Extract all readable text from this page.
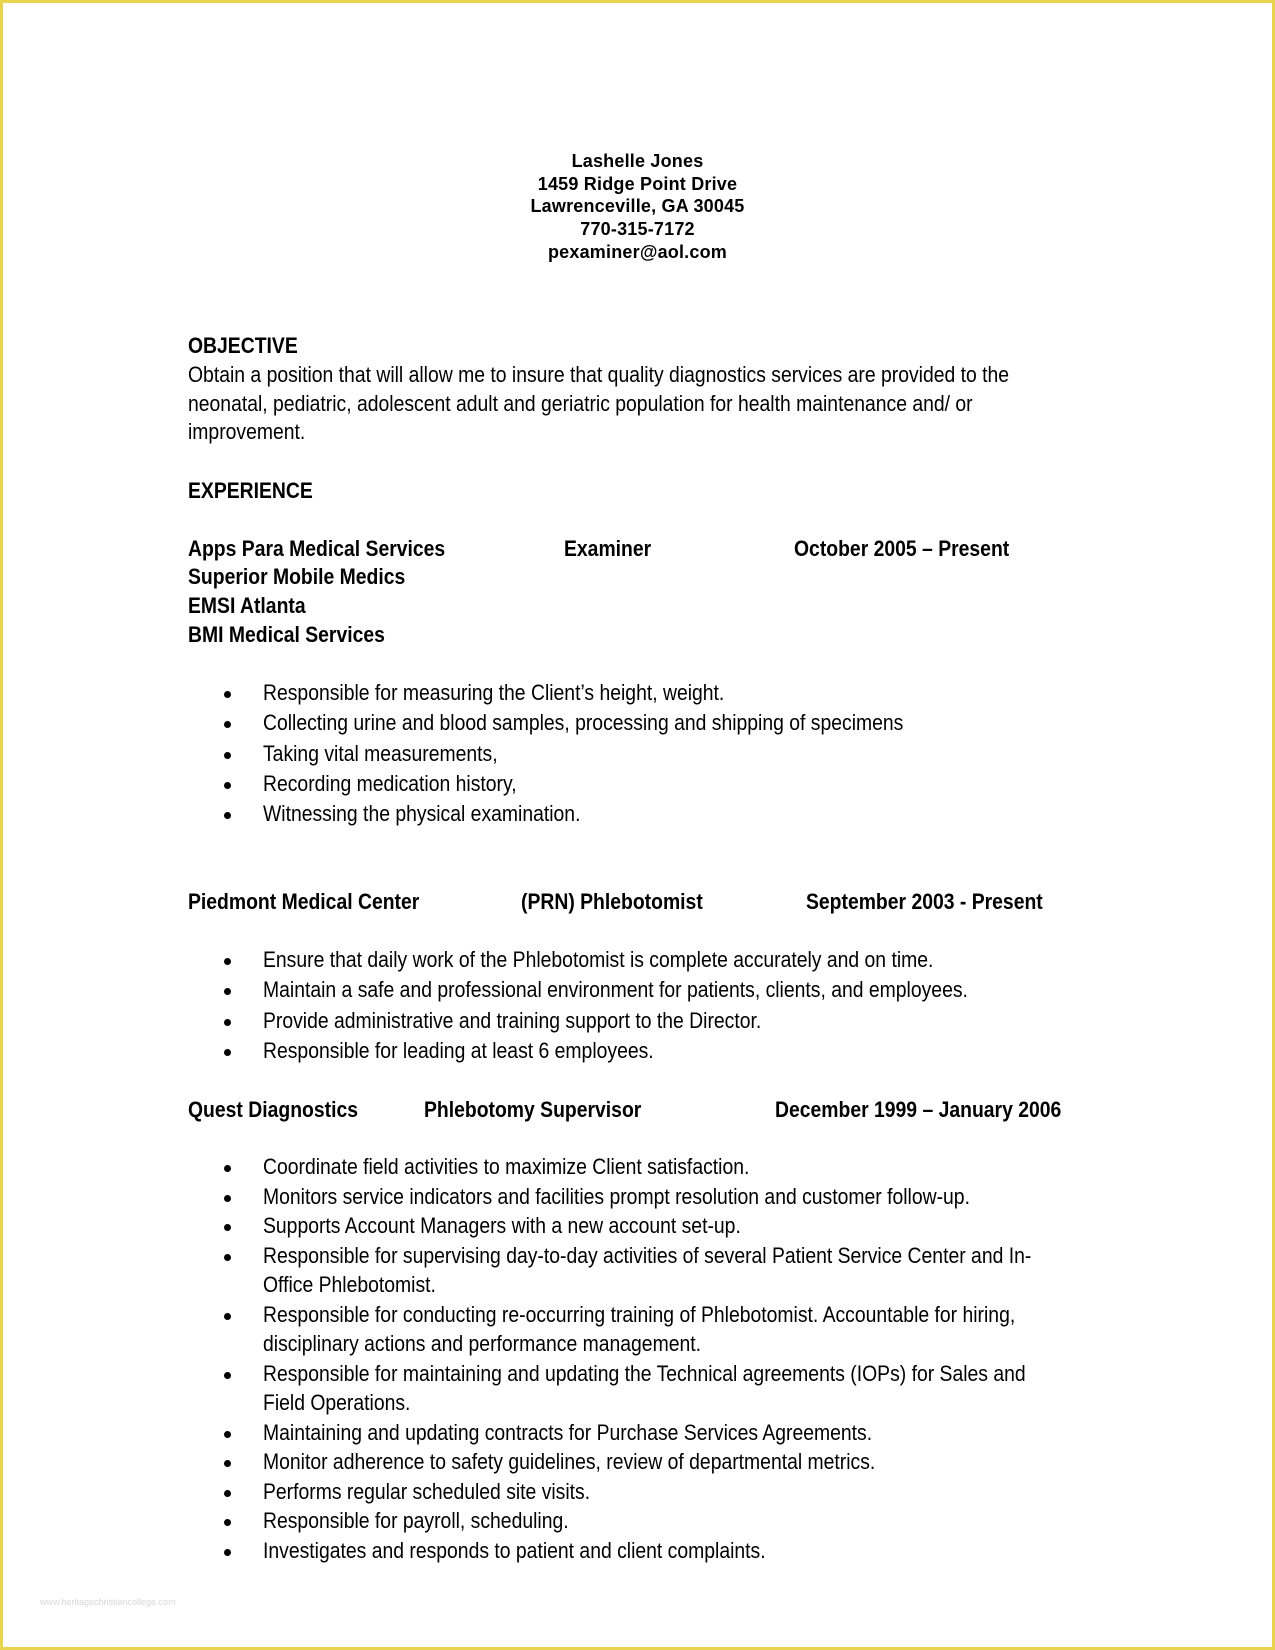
Lashelle Jones
1459 Ridge Point Drive
Lawrenceville, GA 30045
770-315-7172
pexaminer@aol.com
OBJECTIVE
Obtain a position that will allow me to insure that quality diagnostics services are provided to the
neonatal, pediatric, adolescent adult and geriatric population for health maintenance and/ or
improvement.
EXPERIENCE
Apps Para Medical Services	Examiner	October 2005 – Present
Superior Mobile Medics
EMSI Atlanta
BMI Medical Services
Responsible for measuring the Client’s height, weight.
Collecting urine and blood samples, processing and shipping of specimens
Taking vital measurements,
Recording medication history,
Witnessing the physical examination.
Piedmont Medical Center	(PRN) Phlebotomist	September 2003 - Present
Ensure that daily work of the Phlebotomist is complete accurately and on time.
Maintain a safe and professional environment for patients, clients, and employees.
Provide administrative and training support to the Director.
Responsible for leading at least 6 employees.
Quest Diagnostics	Phlebotomy Supervisor	December 1999 – January 2006
Coordinate field activities to maximize Client satisfaction.
Monitors service indicators and facilities prompt resolution and customer follow-up.
Supports Account Managers with a new account set-up.
Responsible for supervising day-to-day activities of several Patient Service Center and In-
Office Phlebotomist.
Responsible for conducting re-occurring training of Phlebotomist. Accountable for hiring,
disciplinary actions and performance management.
Responsible for maintaining and updating the Technical agreements (IOPs) for Sales and
Field Operations.
Maintaining and updating contracts for Purchase Services Agreements.
Monitor adherence to safety guidelines, review of departmental metrics.
Performs regular scheduled site visits.
Responsible for payroll, scheduling.
Investigates and responds to patient and client complaints.
www.heritagechristiancollege.com
